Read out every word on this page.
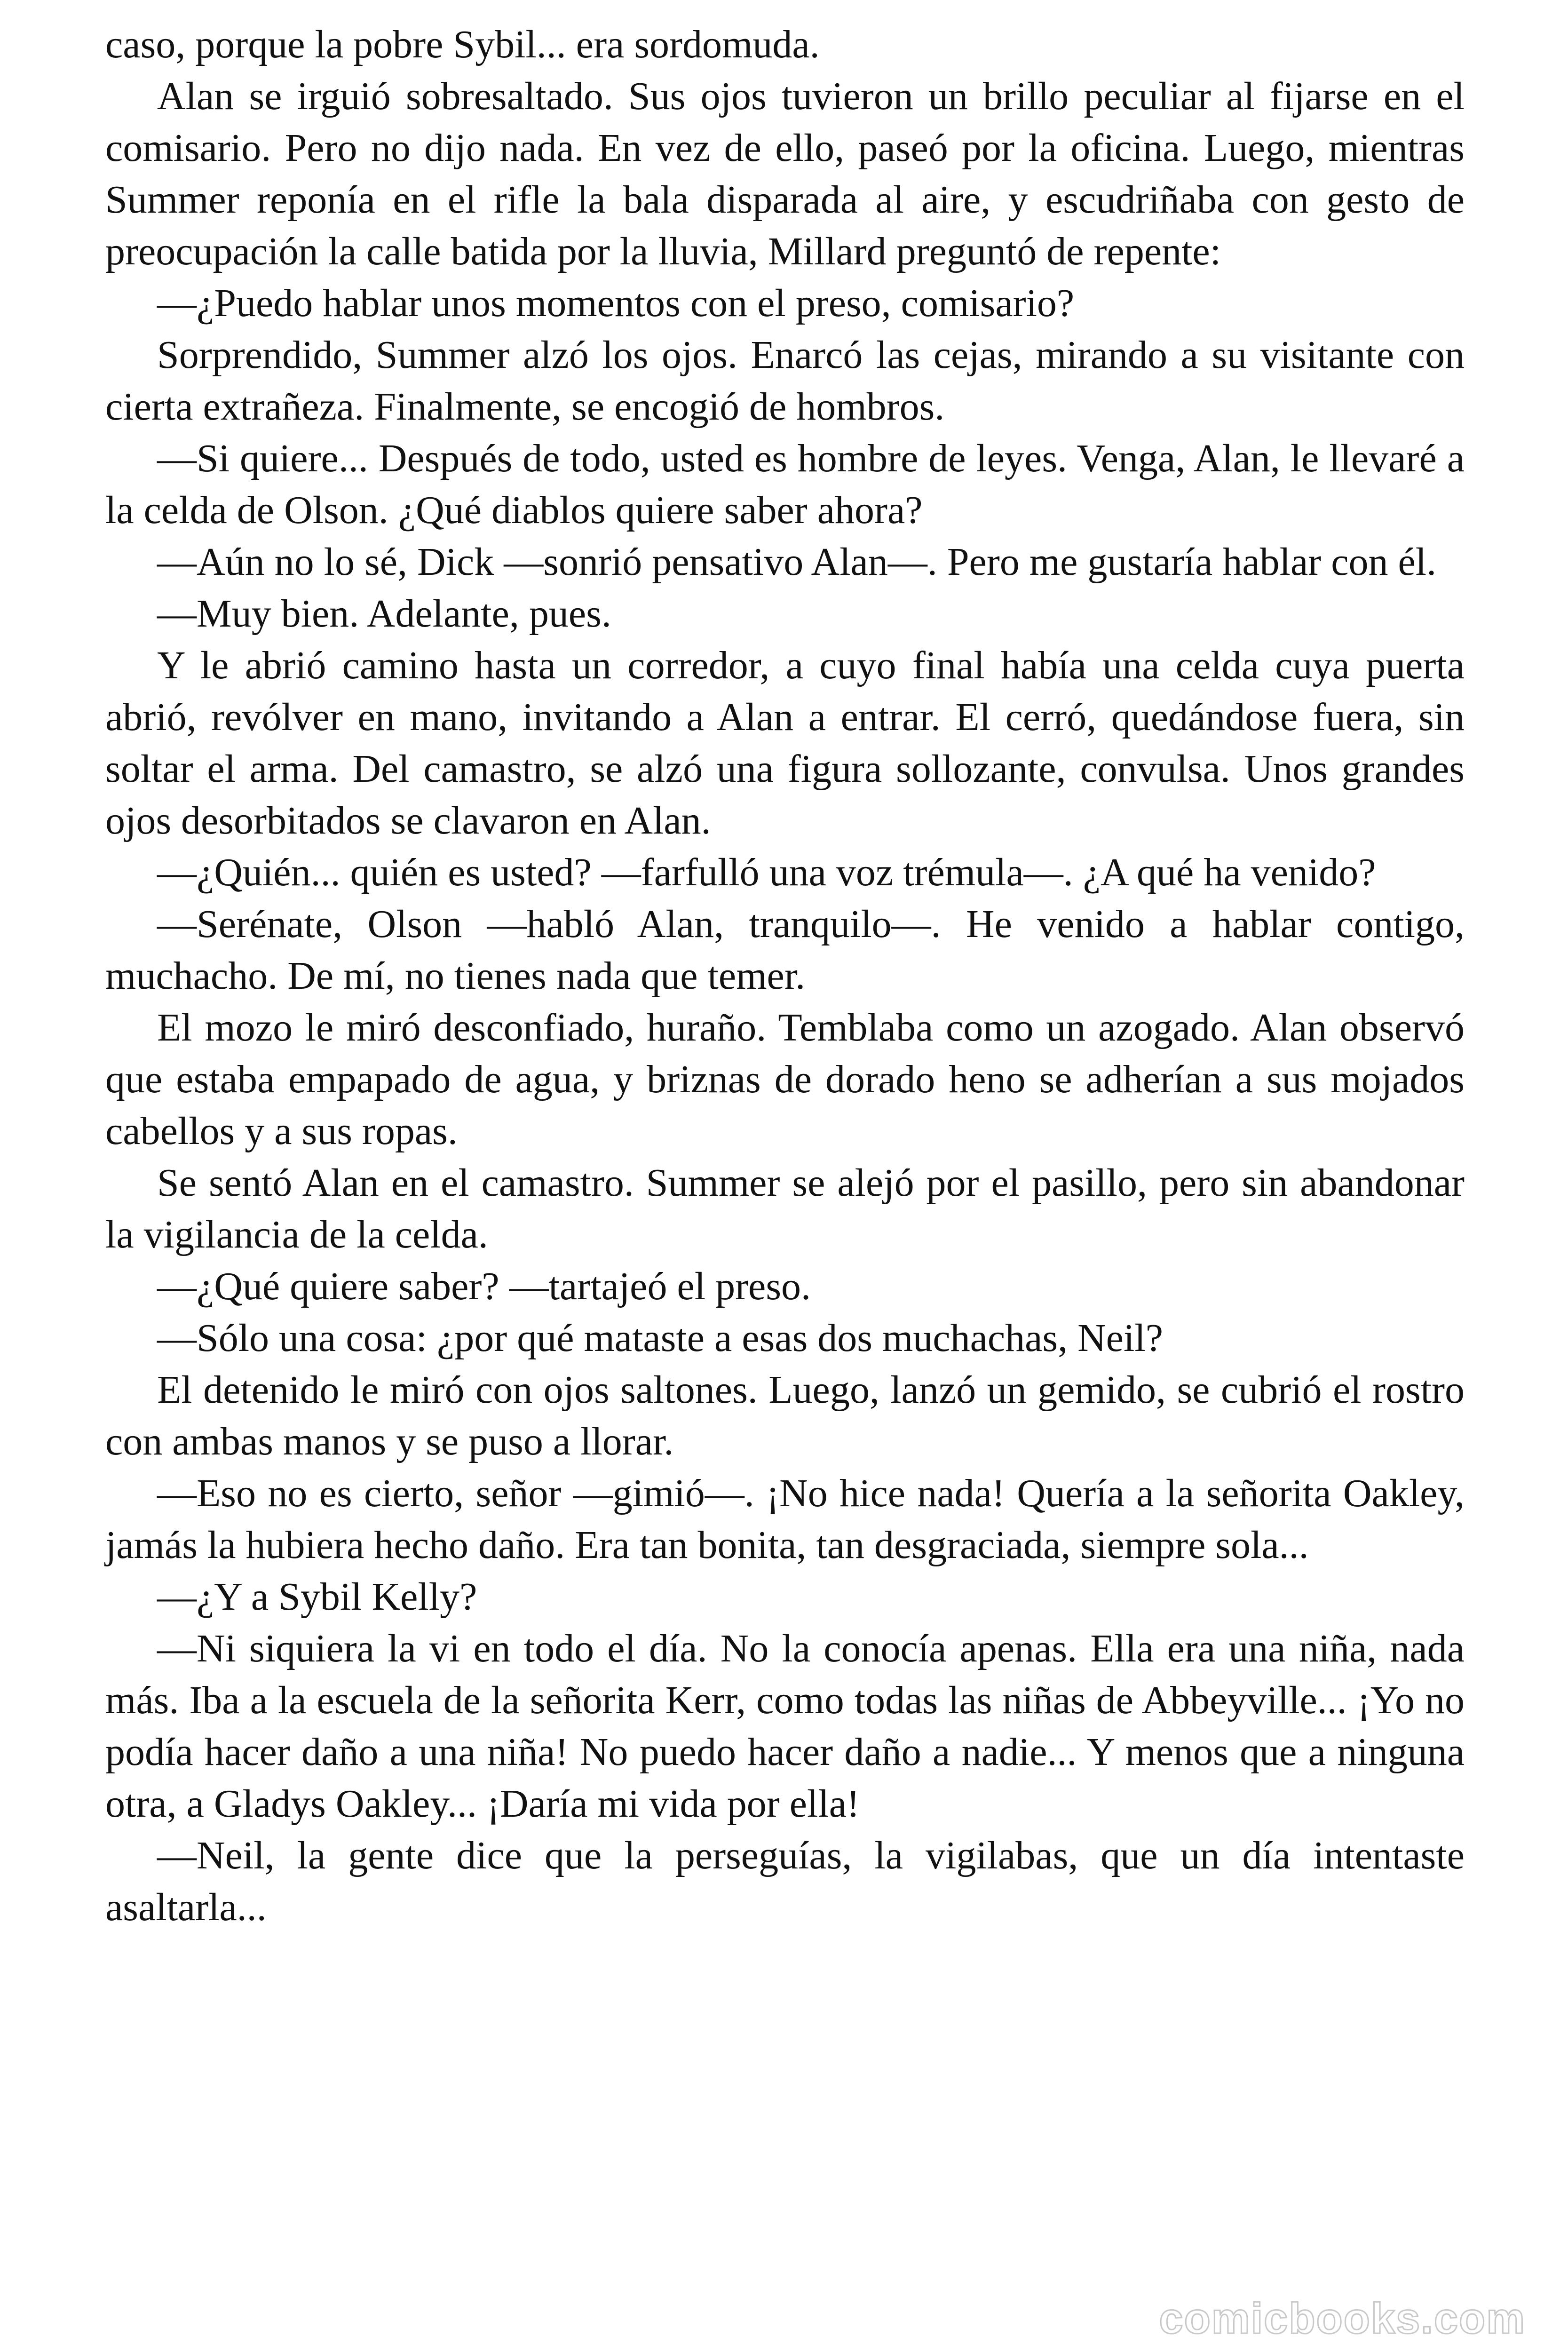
caso, porque la pobre Sybil... era sordomuda.

Alan se irguió sobresaltado. Sus ojos tuvieron un brillo peculiar al fijarse en el comisario. Pero no dijo nada. En vez de ello, paseó por la oficina. Luego, mientras Summer reponía en el rifle la bala disparada al aire, y escudriñaba con gesto de preocupación la calle batida por la lluvia, Millard preguntó de repente:

—¿Puedo hablar unos momentos con el preso, comisario?

Sorprendido, Summer alzó los ojos. Enarcó las cejas, mirando a su visitante con cierta extrañeza. Finalmente, se encogió de hombros.

—Si quiere... Después de todo, usted es hombre de leyes. Venga, Alan, le llevaré a la celda de Olson. ¿Qué diablos quiere saber ahora?

—Aún no lo sé, Dick —sonrió pensativo Alan—. Pero me gustaría hablar con él.

—Muy bien. Adelante, pues.

Y le abrió camino hasta un corredor, a cuyo final había una celda cuya puerta abrió, revólver en mano, invitando a Alan a entrar. El cerró, quedándose fuera, sin soltar el arma. Del camastro, se alzó una figura sollozante, convulsa. Unos grandes ojos desorbitados se clavaron en Alan.

—¿Quién... quién es usted? —farfulló una voz trémula—. ¿A qué ha venido?

—Serénate, Olson —habló Alan, tranquilo—. He venido a hablar contigo, muchacho. De mí, no tienes nada que temer.

El mozo le miró desconfiado, huraño. Temblaba como un azogado. Alan observó que estaba empapado de agua, y briznas de dorado heno se adherían a sus mojados cabellos y a sus ropas.

Se sentó Alan en el camastro. Summer se alejó por el pasillo, pero sin abandonar la vigilancia de la celda.

—¿Qué quiere saber? —tartajeó el preso.

—Sólo una cosa: ¿por qué mataste a esas dos muchachas, Neil?

El detenido le miró con ojos saltones. Luego, lanzó un gemido, se cubrió el rostro con ambas manos y se puso a llorar.

—Eso no es cierto, señor —gimió—. ¡No hice nada! Quería a la señorita Oakley, jamás la hubiera hecho daño. Era tan bonita, tan desgraciada, siempre sola...

—¿Y a Sybil Kelly?

—Ni siquiera la vi en todo el día. No la conocía apenas. Ella era una niña, nada más. Iba a la escuela de la señorita Kerr, como todas las niñas de Abbeyville... ¡Yo no podía hacer daño a una niña! No puedo hacer daño a nadie... Y menos que a ninguna otra, a Gladys Oakley... ¡Daría mi vida por ella!

—Neil, la gente dice que la perseguías, la vigilabas, que un día intentaste asaltarla...

comicbooks.com
